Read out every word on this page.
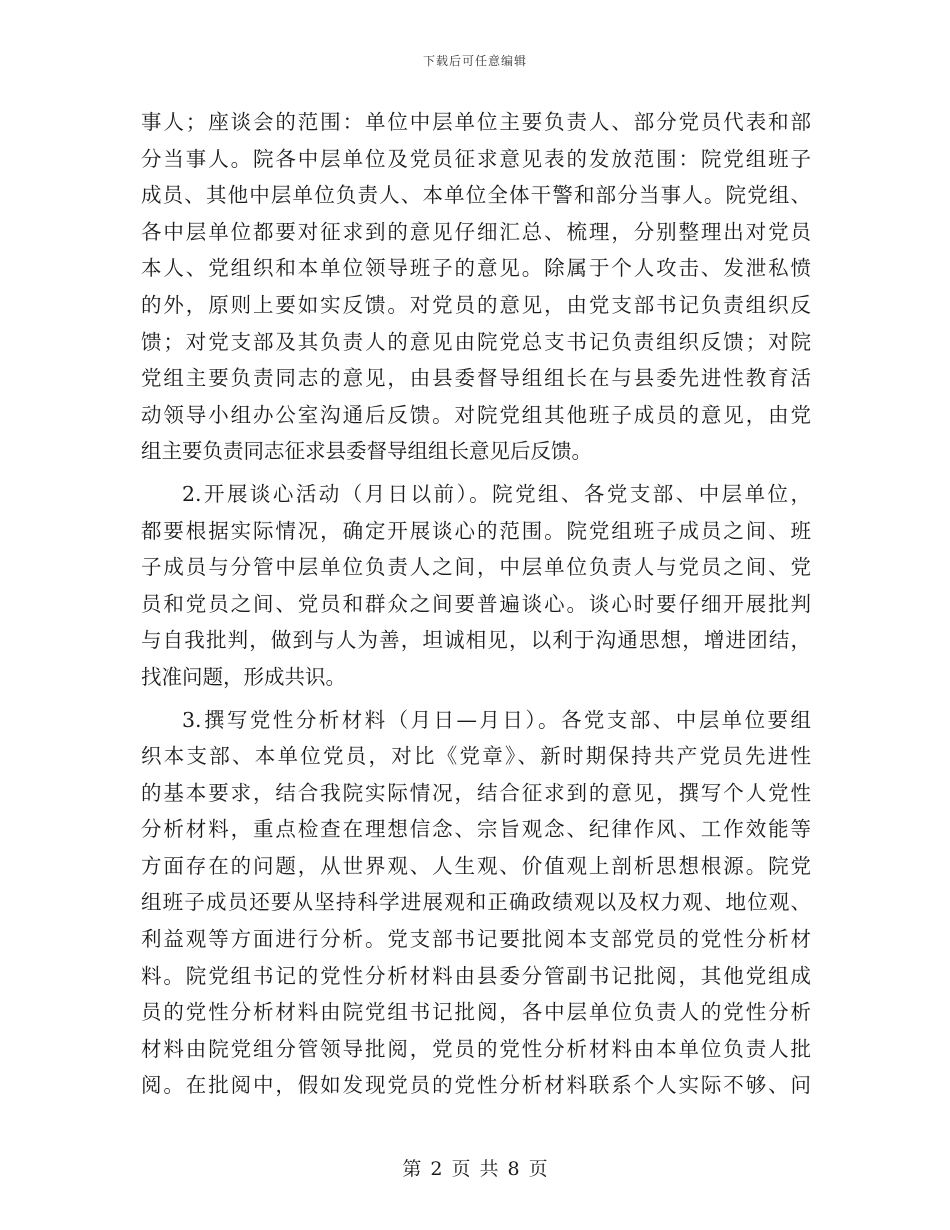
下载后可任意编辑
事人；座谈会的范围：单位中层单位主要负责人、部分党员代表和部
分当事人。院各中层单位及党员征求意见表的发放范围：院党组班子
成员、其他中层单位负责人、本单位全体干警和部分当事人。院党组、
各中层单位都要对征求到的意见仔细汇总、梳理，分别整理出对党员
本人、党组织和本单位领导班子的意见。除属于个人攻击、发泄私愤
的外，原则上要如实反馈。对党员的意见，由党支部书记负责组织反
馈；对党支部及其负责人的意见由院党总支书记负责组织反馈；对院
党组主要负责同志的意见，由县委督导组组长在与县委先进性教育活
动领导小组办公室沟通后反馈。对院党组其他班子成员的意见，由党
组主要负责同志征求县委督导组组长意见后反馈。
2.开展谈心活动（月日以前）。院党组、各党支部、中层单位，
都要根据实际情况，确定开展谈心的范围。院党组班子成员之间、班
子成员与分管中层单位负责人之间，中层单位负责人与党员之间、党
员和党员之间、党员和群众之间要普遍谈心。谈心时要仔细开展批判
与自我批判，做到与人为善，坦诚相见，以利于沟通思想，增进团结，
找准问题，形成共识。
3.撰写党性分析材料（月日—月日）。各党支部、中层单位要组
织本支部、本单位党员，对比《党章》、新时期保持共产党员先进性
的基本要求，结合我院实际情况，结合征求到的意见，撰写个人党性
分析材料，重点检查在理想信念、宗旨观念、纪律作风、工作效能等
方面存在的问题，从世界观、人生观、价值观上剖析思想根源。院党
组班子成员还要从坚持科学进展观和正确政绩观以及权力观、地位观、
利益观等方面进行分析。党支部书记要批阅本支部党员的党性分析材
料。院党组书记的党性分析材料由县委分管副书记批阅，其他党组成
员的党性分析材料由院党组书记批阅，各中层单位负责人的党性分析
材料由院党组分管领导批阅，党员的党性分析材料由本单位负责人批
阅。在批阅中，假如发现党员的党性分析材料联系个人实际不够、问
第 2 页 共 8 页
